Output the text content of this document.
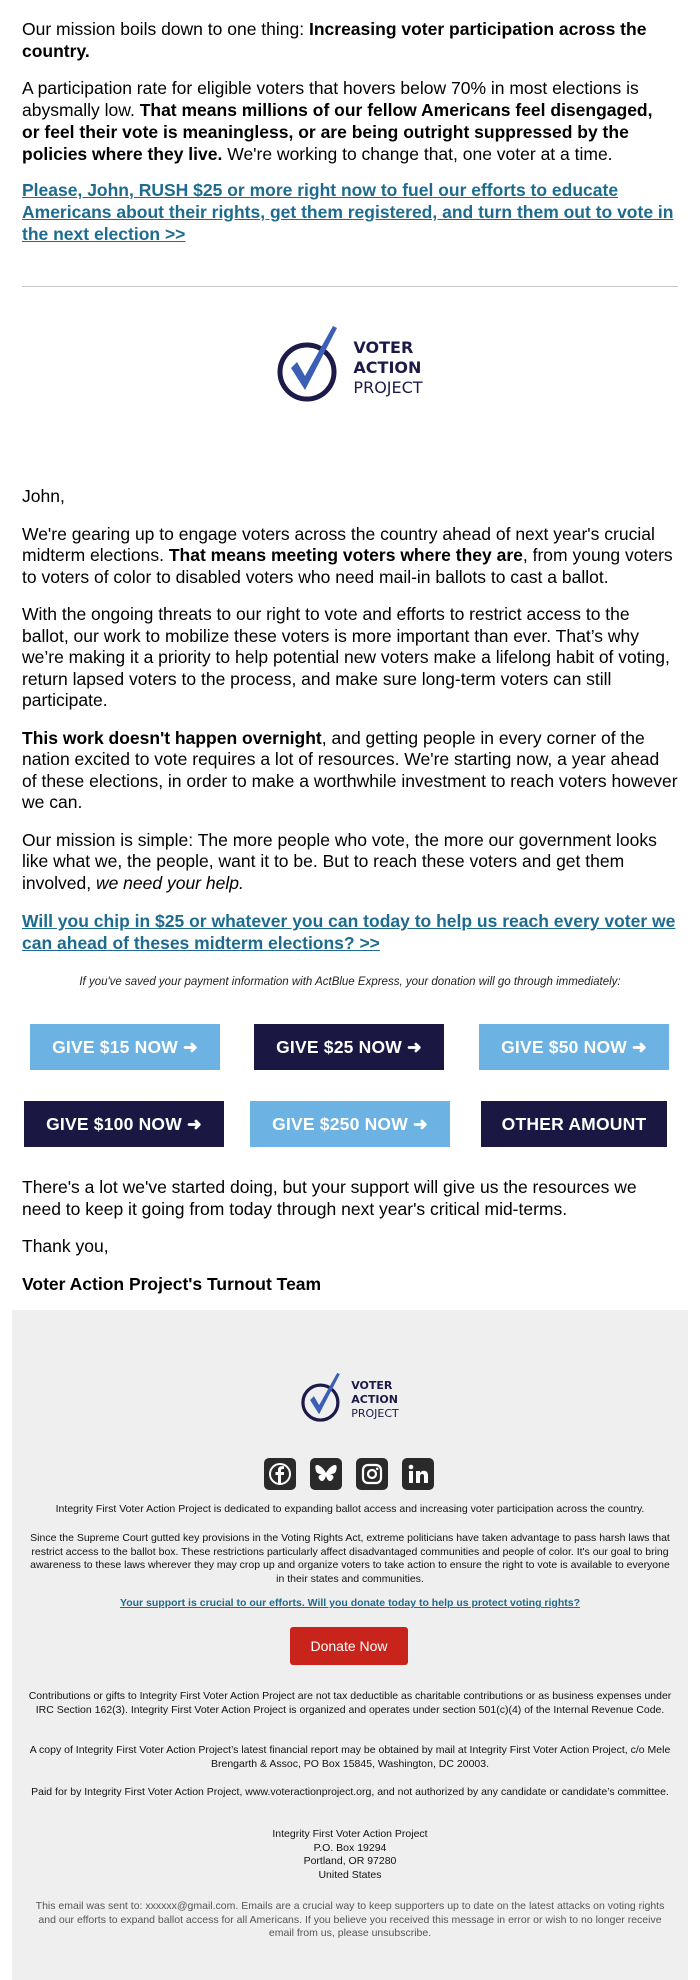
Our mission boils down to one thing: Increasing voter participation across the country.

A participation rate for eligible voters that hovers below 70% in most elections is abysmally low. That means millions of our fellow Americans feel disengaged, or feel their vote is meaningless, or are being outright suppressed by the policies where they live. We're working to change that, one voter at a time.

Please, John, RUSH $25 or more right now to fuel our efforts to educate Americans about their rights, get them registered, and turn them out to vote in the next election >>
VOTER
ACTION
PROJECT

John,

We're gearing up to engage voters across the country ahead of next year's crucial midterm elections. That means meeting voters where they are, from young voters to voters of color to disabled voters who need mail-in ballots to cast a ballot.

With the ongoing threats to our right to vote and efforts to restrict access to the ballot, our work to mobilize these voters is more important than ever. That’s why we’re making it a priority to help potential new voters make a lifelong habit of voting, return lapsed voters to the process, and make sure long-term voters can still participate.

This work doesn't happen overnight, and getting people in every corner of the nation excited to vote requires a lot of resources. We're starting now, a year ahead of these elections, in order to make a worthwhile investment to reach voters however we can.

Our mission is simple: The more people who vote, the more our government looks like what we, the people, want it to be. But to reach these voters and get them involved, we need your help.

Will you chip in $25 or whatever you can today to help us reach every voter we can ahead of theses midterm elections? >>

If you've saved your payment information with ActBlue Express, your donation will go through immediately:

GIVE $15 NOW ➜	GIVE $25 NOW ➜	GIVE $50 NOW ➜
GIVE $100 NOW ➜	GIVE $250 NOW ➜	OTHER AMOUNT

There's a lot we've started doing, but your support will give us the resources we need to keep it going from today through next year's critical mid-terms.

Thank you,

Voter Action Project's Turnout Team

VOTER
ACTION
PROJECT

Integrity First Voter Action Project is dedicated to expanding ballot access and increasing voter participation across the country.

Since the Supreme Court gutted key provisions in the Voting Rights Act, extreme politicians have taken advantage to pass harsh laws that restrict access to the ballot box. These restrictions particularly affect disadvantaged communities and people of color. It's our goal to bring awareness to these laws wherever they may crop up and organize voters to take action to ensure the right to vote is available to everyone in their states and communities.

Your support is crucial to our efforts. Will you donate today to help us protect voting rights?
Donate Now

Contributions or gifts to Integrity First Voter Action Project are not tax deductible as charitable contributions or as business expenses under IRC Section 162(3). Integrity First Voter Action Project is organized and operates under section 501(c)(4) of the Internal Revenue Code.

A copy of Integrity First Voter Action Project’s latest financial report may be obtained by mail at Integrity First Voter Action Project, c/o Mele Brengarth & Assoc, PO Box 15845, Washington, DC 20003.

Paid for by Integrity First Voter Action Project, www.voteractionproject.org, and not authorized by any candidate or candidate’s committee.

Integrity First Voter Action Project
P.O. Box 19294
Portland, OR 97280
United States

This email was sent to: xxxxxx@gmail.com. Emails are a crucial way to keep supporters up to date on the latest attacks on voting rights and our efforts to expand ballot access for all Americans. If you believe you received this message in error or wish to no longer receive email from us, please unsubscribe.
